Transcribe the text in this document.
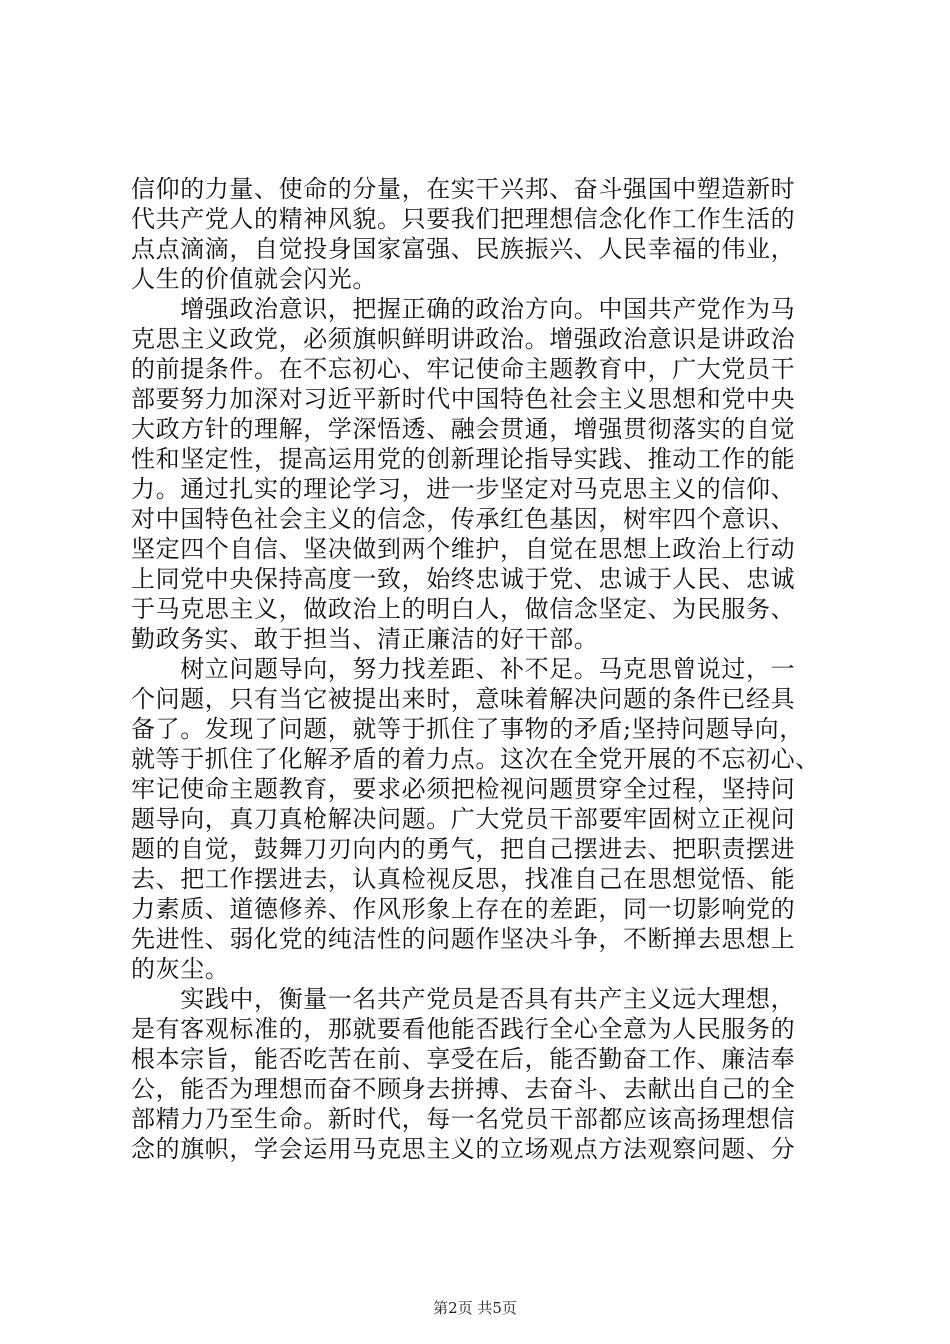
信仰的力量、使命的分量，在实干兴邦、奋斗强国中塑造新时
代共产党人的精神风貌。只要我们把理想信念化作工作生活的
点点滴滴，自觉投身国家富强、民族振兴、人民幸福的伟业，
人生的价值就会闪光。
　　增强政治意识，把握正确的政治方向。中国共产党作为马
克思主义政党，必须旗帜鲜明讲政治。增强政治意识是讲政治
的前提条件。在不忘初心、牢记使命主题教育中，广大党员干
部要努力加深对习近平新时代中国特色社会主义思想和党中央
大政方针的理解，学深悟透、融会贯通，增强贯彻落实的自觉
性和坚定性，提高运用党的创新理论指导实践、推动工作的能
力。通过扎实的理论学习，进一步坚定对马克思主义的信仰、
对中国特色社会主义的信念，传承红色基因，树牢四个意识、
坚定四个自信、坚决做到两个维护，自觉在思想上政治上行动
上同党中央保持高度一致，始终忠诚于党、忠诚于人民、忠诚
于马克思主义，做政治上的明白人，做信念坚定、为民服务、
勤政务实、敢于担当、清正廉洁的好干部。
　　树立问题导向，努力找差距、补不足。马克思曾说过，一
个问题，只有当它被提出来时，意味着解决问题的条件已经具
备了。发现了问题，就等于抓住了事物的矛盾;坚持问题导向，
就等于抓住了化解矛盾的着力点。这次在全党开展的不忘初心、
牢记使命主题教育，要求必须把检视问题贯穿全过程，坚持问
题导向，真刀真枪解决问题。广大党员干部要牢固树立正视问
题的自觉，鼓舞刀刃向内的勇气，把自己摆进去、把职责摆进
去、把工作摆进去，认真检视反思，找准自己在思想觉悟、能
力素质、道德修养、作风形象上存在的差距，同一切影响党的
先进性、弱化党的纯洁性的问题作坚决斗争，不断掸去思想上
的灰尘。
　　实践中，衡量一名共产党员是否具有共产主义远大理想，
是有客观标准的，那就要看他能否践行全心全意为人民服务的
根本宗旨，能否吃苦在前、享受在后，能否勤奋工作、廉洁奉
公，能否为理想而奋不顾身去拼搏、去奋斗、去献出自己的全
部精力乃至生命。新时代，每一名党员干部都应该高扬理想信
念的旗帜，学会运用马克思主义的立场观点方法观察问题、分
第2页 共5页
